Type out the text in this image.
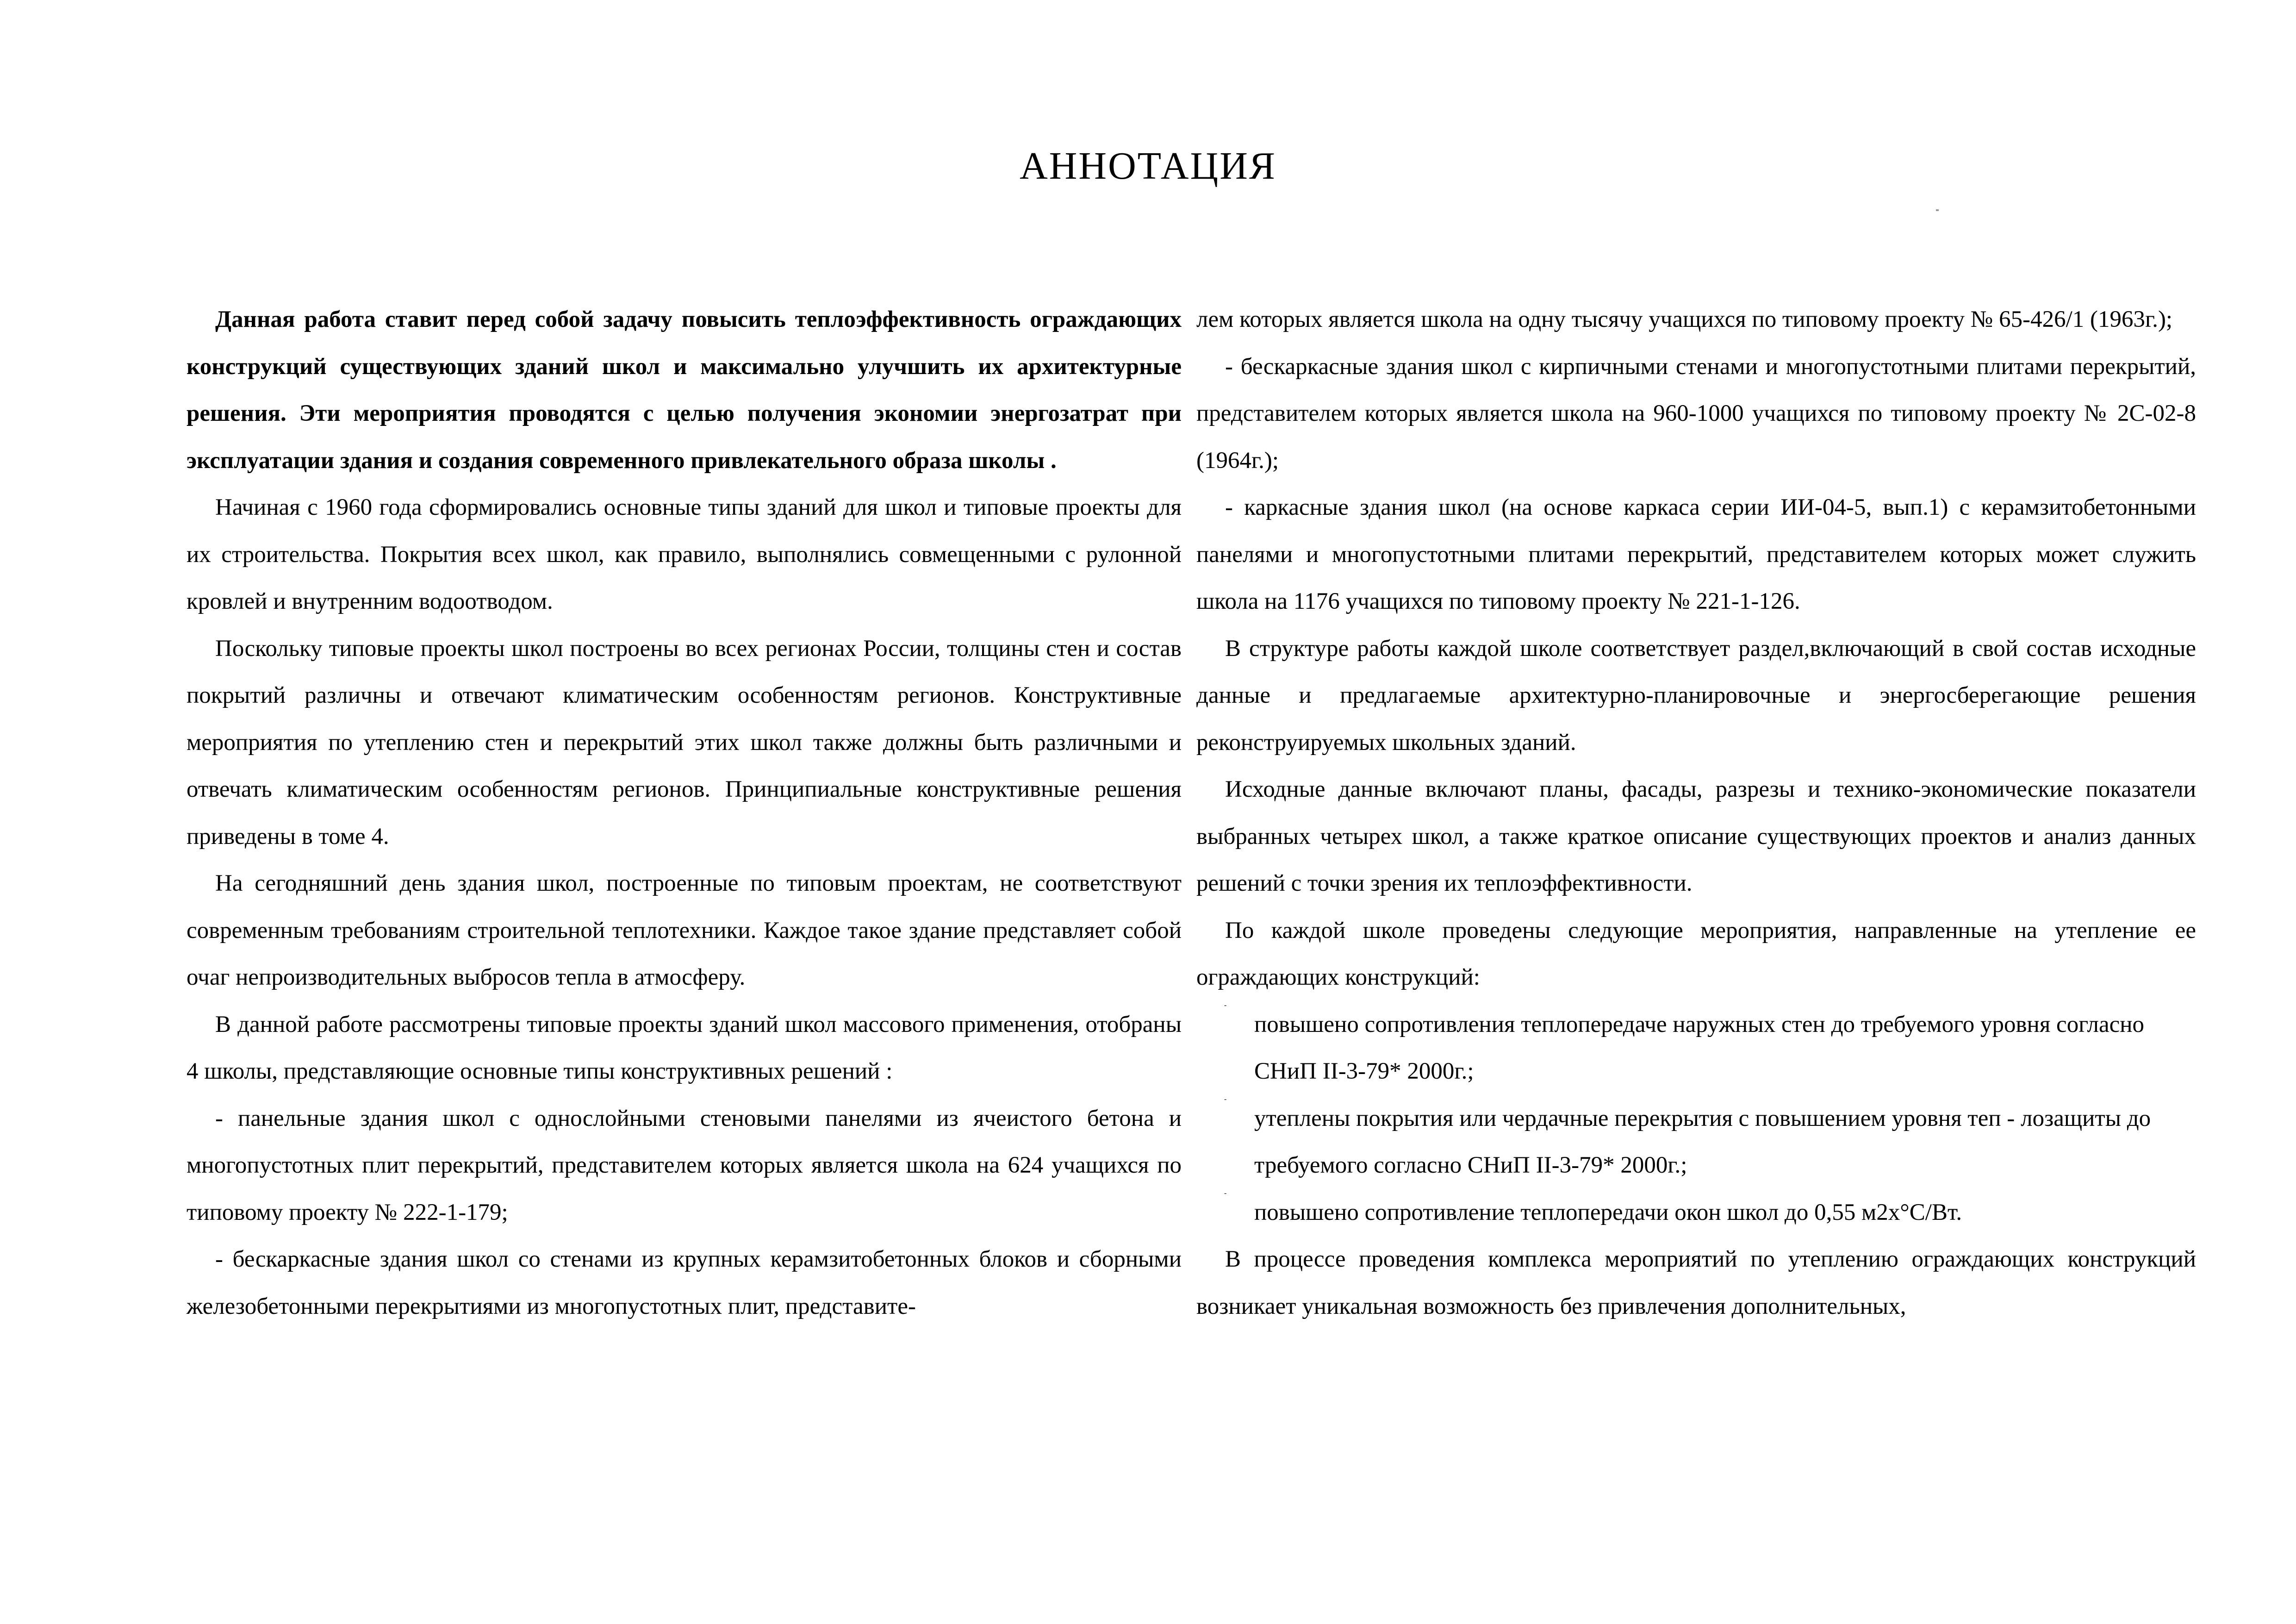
АННОТАЦИЯ

Данная работа ставит перед собой задачу повысить теплоэффективность ограждающих конструкций существующих зданий школ и максимально улучшить их архитектурные решения. Эти мероприятия проводятся с целью получения экономии энергозатрат при эксплуатации здания и создания современного привлекательного образа школы .

Начиная с 1960 года сформировались основные типы зданий для школ и типовые проекты для их строительства. Покрытия всех школ, как правило, выполнялись совмещенными с рулонной кровлей и внутренним водоотводом.

Поскольку типовые проекты школ построены во всех регионах России, толщины стен и состав покрытий различны и отвечают климатическим особенностям регионов. Конструктивные мероприятия по утеплению стен и перекрытий этих школ также должны быть различными и отвечать климатическим особенностям регионов. Принципиальные конструктивные решения приведены в томе 4.

На сегодняшний день здания школ, построенные по типовым проектам, не соответствуют современным требованиям строительной теплотехники. Каждое такое здание представляет собой очаг непроизводительных выбросов тепла в атмосферу.

В данной работе рассмотрены типовые проекты зданий школ массового применения, отобраны 4 школы, представляющие основные типы конструктивных решений :

- панельные здания школ с однослойными стеновыми панелями из ячеистого бетона и многопустотных плит перекрытий, представителем которых является школа на 624 учащихся по типовому проекту № 222-1-179;

- бескаркасные здания школ со стенами из крупных керамзитобетонных блоков и сборными железобетонными перекрытиями из многопустотных плит, представите-

лем которых является школа на одну тысячу учащихся по типовому проекту № 65-426/1 (1963г.);

- бескаркасные здания школ с кирпичными стенами и многопустотными плитами перекрытий, представителем которых является школа на 960-1000 учащихся по типовому проекту № 2С-02-8 (1964г.);

- каркасные здания школ (на основе каркаса серии ИИ-04-5, вып.1) с керамзитобетонными панелями и многопустотными плитами перекрытий, представителем которых может служить школа на 1176 учащихся по типовому проекту № 221-1-126.

В структуре работы каждой школе соответствует раздел,включающий в свой состав исходные данные и предлагаемые архитектурно-планировочные и энергосберегающие решения реконструируемых школьных зданий.

Исходные данные включают планы, фасады, разрезы и технико-экономические показатели выбранных четырех школ, а также краткое описание существующих проектов и анализ данных решений с точки зрения их теплоэффективности.

По каждой школе проведены следующие мероприятия, направленные на утепление ее ограждающих конструкций:

-

повышено сопротивления теплопередаче наружных стен до требуемого уровня согласно СНиП ІІ-3-79* 2000г.;

-

утеплены покрытия или чердачные перекрытия с повышением уровня теп - лозащиты до требуемого согласно СНиП ІІ-3-79* 2000г.;

-

повышено сопротивление теплопередачи окон школ до 0,55 м2х°С/Вт.

В процессе проведения комплекса мероприятий по утеплению ограждающих конструкций возникает уникальная возможность без привлечения дополнительных,
